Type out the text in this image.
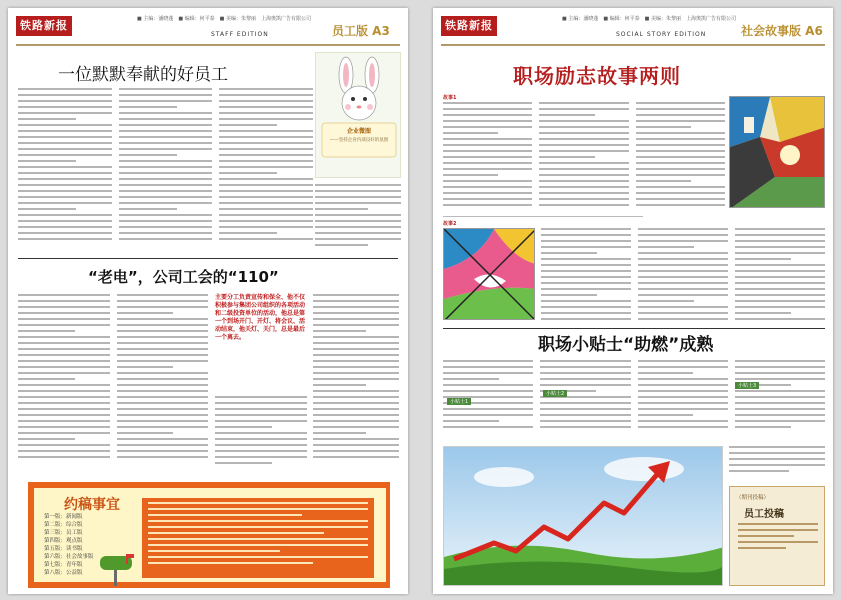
铁路新报	■ 主编：潘晓蓬　■ 编辑：何平泰　■ 美编：朱黎丽　上海奥凯广告有限公司
STAFF EDITION	员工版 A3
一位默默奉献的好员工
企业微图
——坚持企业内部良好的氛围
“老电”，公司工会的“110”
主要分工负责宣传和保全、他不仅积极参与集团公司组织的各项活动和二级投资单位的活动，他总是第一个到场开门、开灯、将会议、活动结束，他关灯、关门，总是最后一个离去。
约稿事宜
第一版：新闻版
第二版：综合版
第三版：员工版
第四版：观点版
第五版：读书版
第六版：社会故事版
第七版：青年版
第八版：公益版
铁路新报	■ 主编：潘晓蓬　■ 编辑：何平泰　■ 美编：朱黎丽　上海奥凯广告有限公司
SOCIAL STORY EDITION	社会故事版 A6
职场励志故事两则
故事1
故事2
职场小贴士“助燃”成熟
小贴士1
小贴士2
小贴士3
（期刊投稿）
员工投稿
